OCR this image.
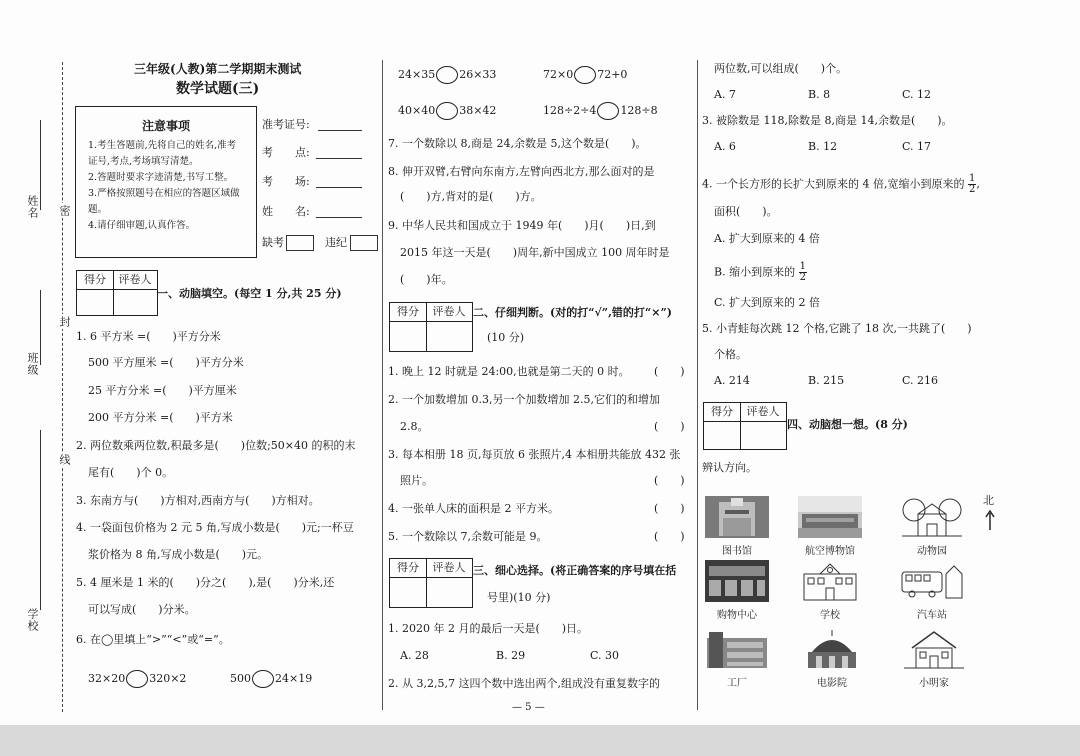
姓名
班级
学校
密
封
线
三年级(人教)第二学期期末测试
数学试题(三)
注意事项
1.考生答题前,先将自己的姓名,准考证号,考点,考场填写清楚。
2.答题时要求字迹清楚,书写工整。
3.严格按照题号在相应的答题区域做题。
4.请仔细审题,认真作答。
准考证号:
考　　点:
考　　场:
姓　　名:
缺考	违纪
得分	评卷人
一、动脑填空。(每空 1 分,共 25 分)
1. 6 平方米 =(　　)平方分米
500 平方厘米 =(　　)平方分米
25 平方分米 =(　　)平方厘米
200 平方分米 =(　　)平方米
2. 两位数乘两位数,积最多是(　　)位数;50×40 的积的末
尾有(　　)个 0。
3. 东南方与(　　)方相对,西南方与(　　)方相对。
4. 一袋面包价格为 2 元 5 角,写成小数是(　　)元;一杯豆
浆价格为 8 角,写成小数是(　　)元。
5. 4 厘米是 1 米的(　　)分之(　　),是(　　)分米,还
可以写成(　　)分米。
6. 在◯里填上“>”“<”或“=”。
32×20 320×2	500 24×19
24×35 26×33	72×0 72+0
40×40 38×42	128÷2÷4 128÷8
7. 一个数除以 8,商是 24,余数是 5,这个数是(　　)。
8. 伸开双臂,右臂向东南方,左臂向西北方,那么面对的是
(　　)方,背对的是(　　)方。
9. 中华人民共和国成立于 1949 年(　　)月(　　)日,到
2015 年这一天是(　　)周年,新中国成立 100 周年时是
(　　)年。
得分	评卷人 二、仔细判断。(对的打“√”,错的打“×”)
(10 分)
1. 晚上 12 时就是 24:00,也就是第二天的 0 时。 (　　)
2. 一个加数增加 0.3,另一个加数增加 2.5,它们的和增加
2.8。	(　　)
3. 每本相册 18 页,每页放 6 张照片,4 本相册共能放 432 张
照片。	(　　)
4. 一张单人床的面积是 2 平方米。	(　　)
5. 一个数除以 7,余数可能是 9。	(　　)
得分	评卷人 三、细心选择。(将正确答案的序号填在括
号里)(10 分)
1. 2020 年 2 月的最后一天是(　　)日。
A. 28	B. 29	C. 30
2. 从 3,2,5,7 这四个数中选出两个,组成没有重复数字的
— 5 —
两位数,可以组成(　　)个。
A. 7	B. 8	C. 12
3. 被除数是 118,除数是 8,商是 14,余数是(　　)。
A. 6	B. 12	C. 17
4. 一个长方形的长扩大到原来的 4 倍,宽缩小到原来的 $\frac{1}{2}$ ,
面积(　　)。
A. 扩大到原来的 4 倍
B. 缩小到原来的 $\frac{1}{2}$
C. 扩大到原来的 2 倍
5. 小青蛙每次跳 12 个格,它跳了 18 次,一共跳了(　　)
个格。
A. 214	B. 215	C. 216
得分	评卷人
四、动脑想一想。(8 分)
辨认方向。
图书馆	航空博物馆	动物园
购物中心	学校	汽车站
工厂	电影院	小明家
北
